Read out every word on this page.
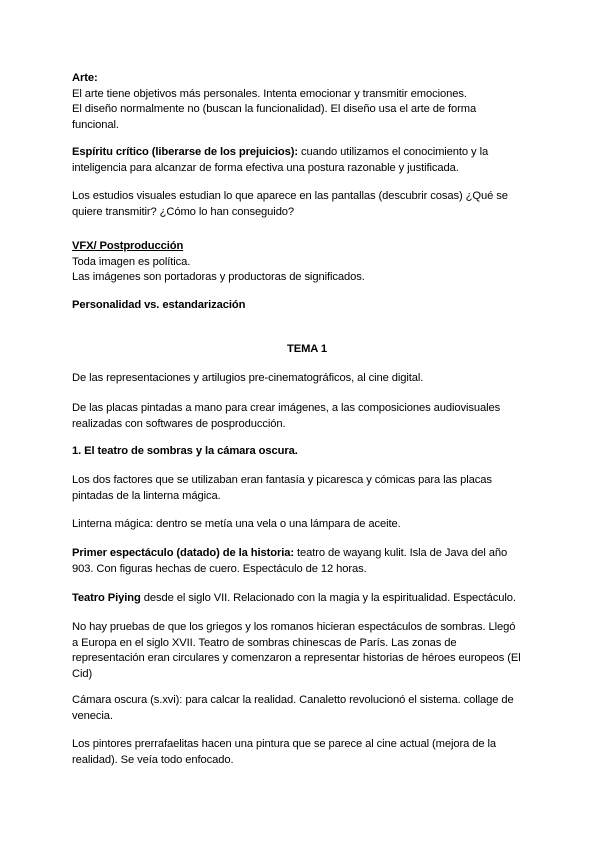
Arte:
El arte tiene objetivos más personales. Intenta emocionar y transmitir emociones.
El diseño normalmente no (buscan la funcionalidad). El diseño usa el arte de forma
funcional.
Espíritu crítico (liberarse de los prejuicios): cuando utilizamos el conocimiento y la
inteligencia para alcanzar de forma efectiva una postura razonable y justificada.
Los estudios visuales estudian lo que aparece en las pantallas (descubrir cosas) ¿Qué se
quiere transmitir? ¿Cómo lo han conseguido?
VFX/ Postproducción
Toda imagen es política.
Las imágenes son portadoras y productoras de significados.
Personalidad vs. estandarización
TEMA 1
De las representaciones y artilugios pre-cinematográficos, al cine digital.
De las placas pintadas a mano para crear imágenes, a las composiciones audiovisuales
realizadas con softwares de posproducción.
1. El teatro de sombras y la cámara oscura.
Los dos factores que se utilizaban eran fantasía y picaresca y cómicas para las placas
pintadas de la linterna mágica.
Linterna mágica: dentro se metía una vela o una lámpara de aceite.
Primer espectáculo (datado) de la historia: teatro de wayang kulit. Isla de Java del año
903. Con figuras hechas de cuero. Espectáculo de 12 horas.
Teatro Piying desde el siglo VII. Relacionado con la magia y la espiritualidad. Espectáculo.
No hay pruebas de que los griegos y los romanos hicieran espectáculos de sombras. Llegó
a Europa en el siglo XVII. Teatro de sombras chinescas de París. Las zonas de
representación eran circulares y comenzaron a representar historias de héroes europeos (El
Cid)
Cámara oscura (s.xvi): para calcar la realidad. Canaletto revolucionó el sistema. collage de
venecia.
Los pintores prerrafaelitas hacen una pintura que se parece al cine actual (mejora de la
realidad). Se veía todo enfocado.
